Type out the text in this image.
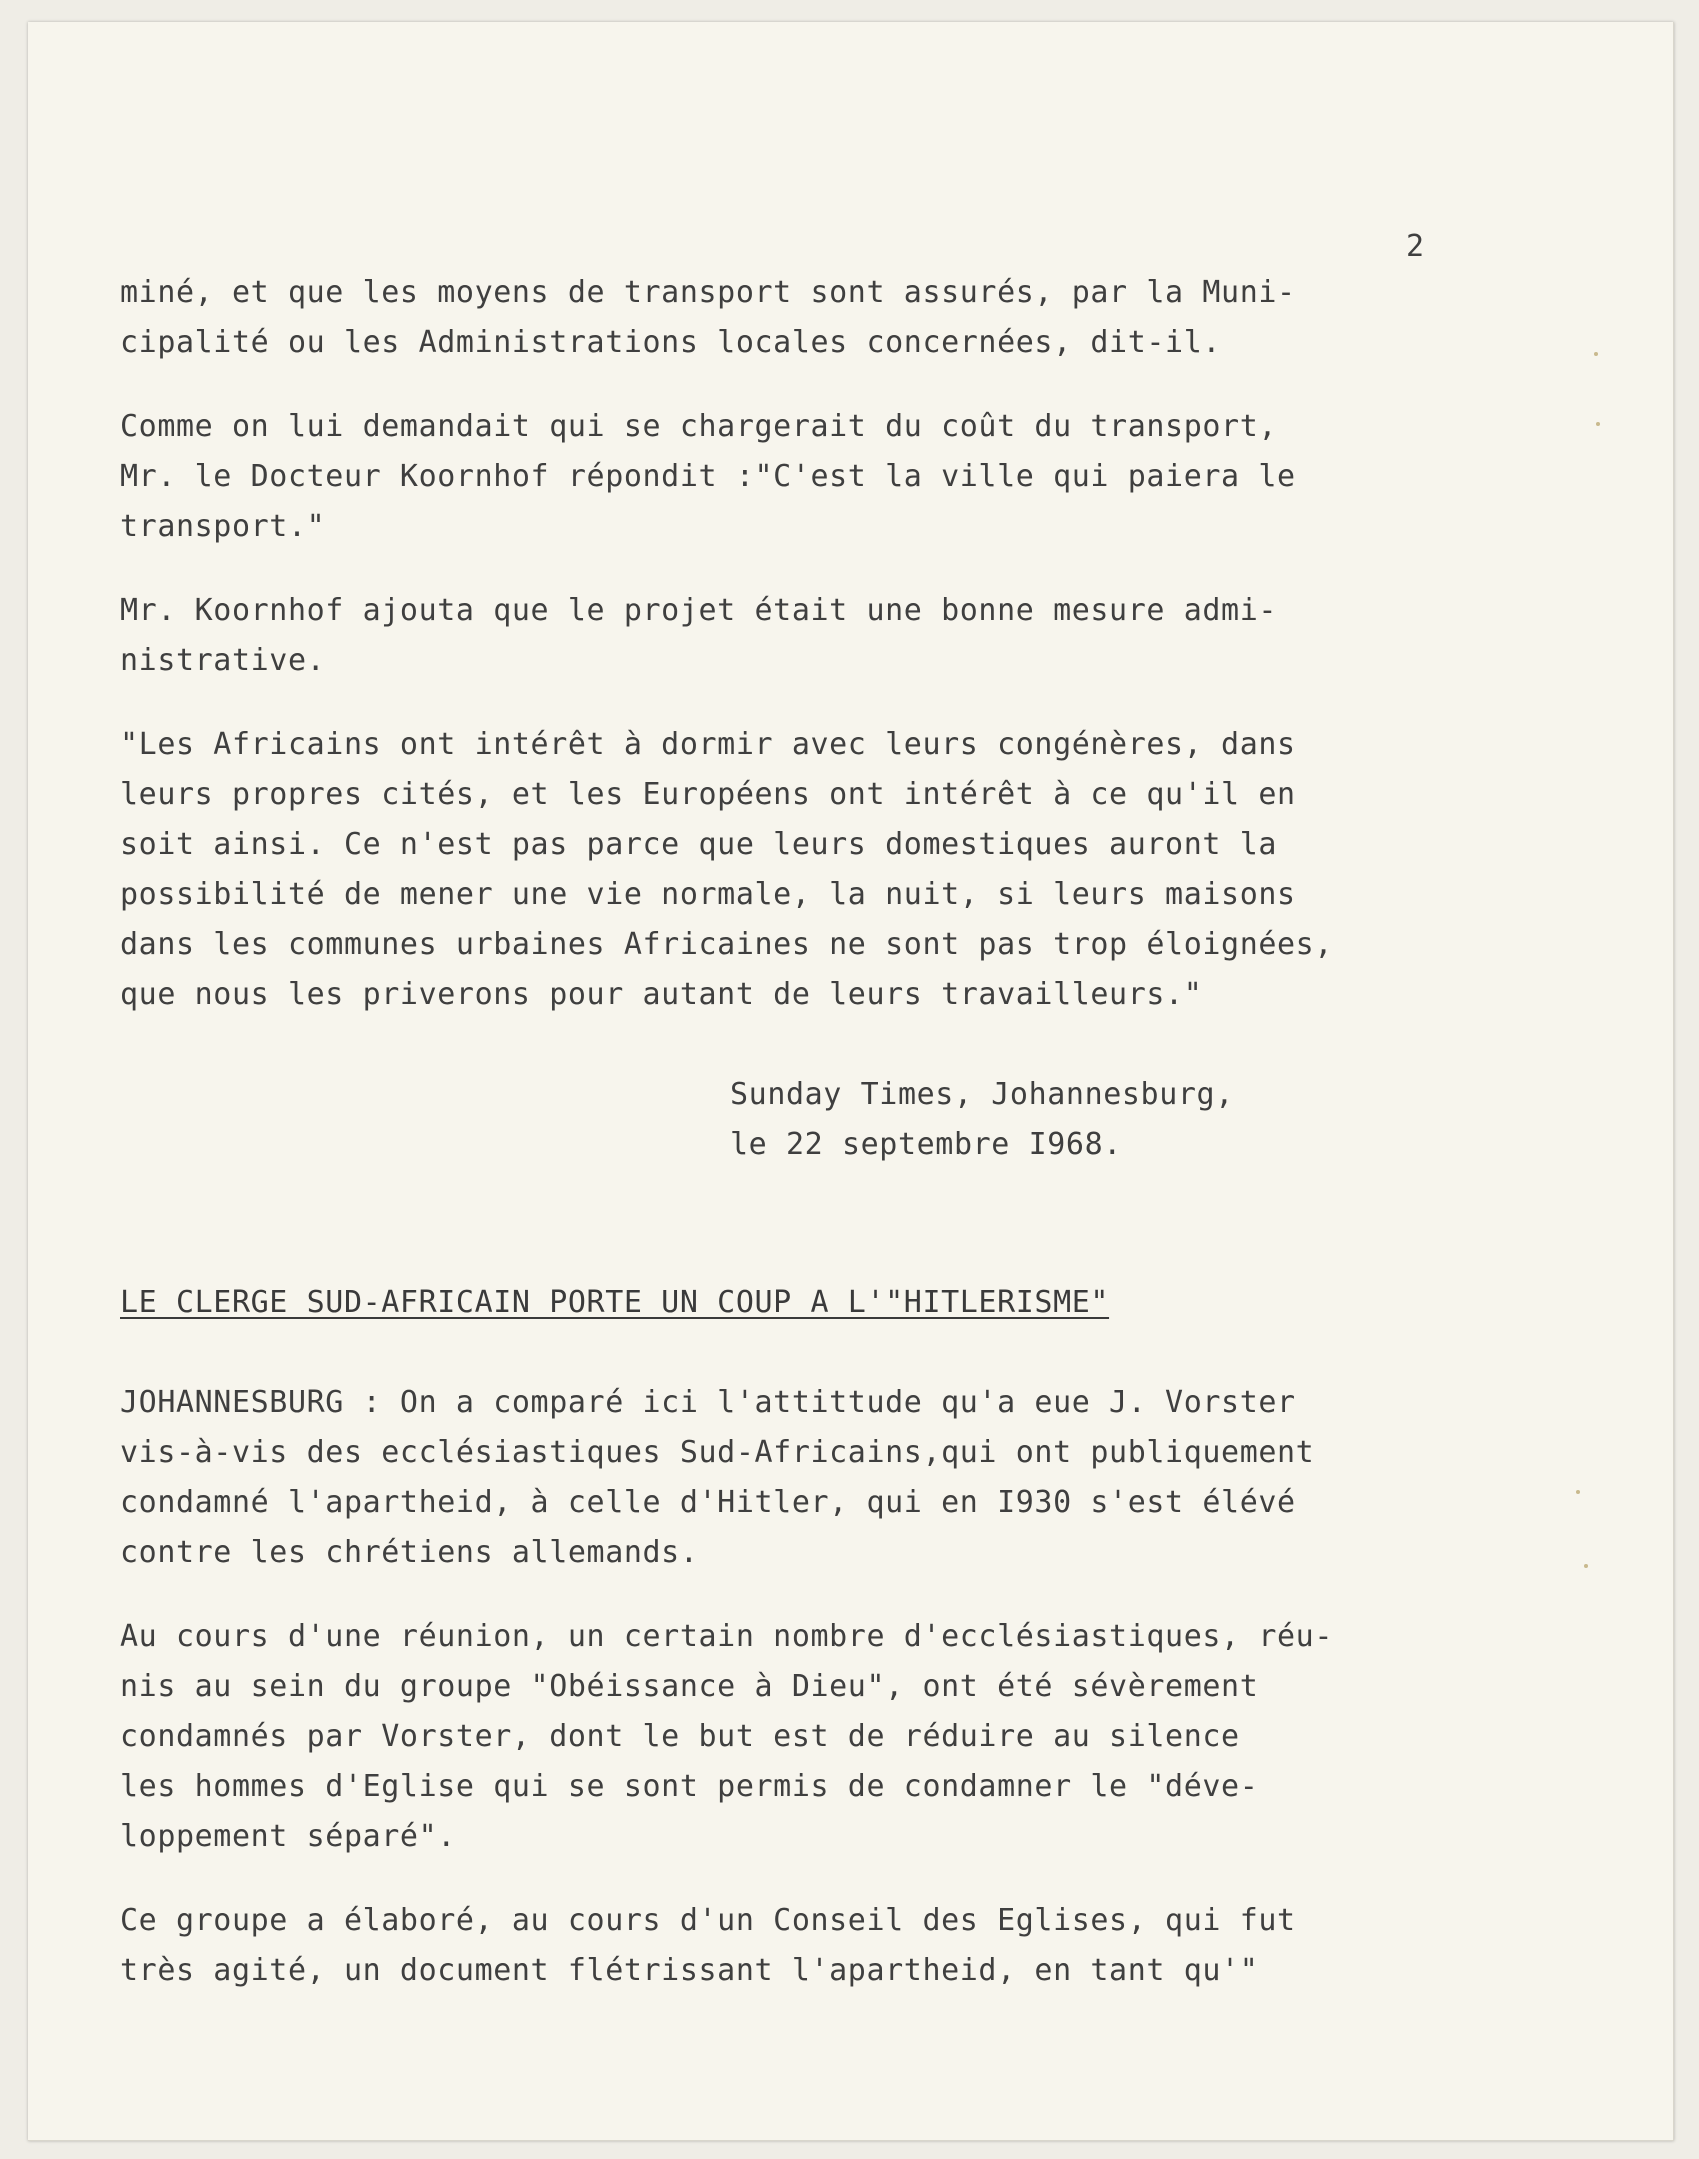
2

miné, et que les moyens de transport sont assurés, par la Muni-

cipalité ou les Administrations locales concernées, dit-il.

Comme on lui demandait qui se chargerait du coût du transport,

Mr. le Docteur Koornhof répondit :"C'est la ville qui paiera le

transport."

Mr. Koornhof ajouta que le projet était une bonne mesure admi-

nistrative.

"Les Africains ont intérêt à dormir avec leurs congénères, dans

leurs propres cités, et les Européens ont intérêt à ce qu'il en

soit ainsi. Ce n'est pas parce que leurs domestiques auront la

possibilité de mener une vie normale, la nuit, si leurs maisons

dans les communes urbaines Africaines ne sont pas trop éloignées,

que nous les priverons pour autant de leurs travailleurs."

Sunday Times, Johannesburg,

le 22 septembre I968.

LE CLERGE SUD-AFRICAIN PORTE UN COUP A L'"HITLERISME"

JOHANNESBURG : On a comparé ici l'attittude qu'a eue J. Vorster

vis-à-vis des ecclésiastiques Sud-Africains,qui ont publiquement

condamné l'apartheid, à celle d'Hitler, qui en I930 s'est élévé

contre les chrétiens allemands.

Au cours d'une réunion, un certain nombre d'ecclésiastiques, réu-

nis au sein du groupe "Obéissance à Dieu", ont été sévèrement

condamnés par Vorster, dont le but est de réduire au silence

les hommes d'Eglise qui se sont permis de condamner le "déve-

loppement séparé".

Ce groupe a élaboré, au cours d'un Conseil des Eglises, qui fut

très agité, un document flétrissant l'apartheid, en tant qu'"
